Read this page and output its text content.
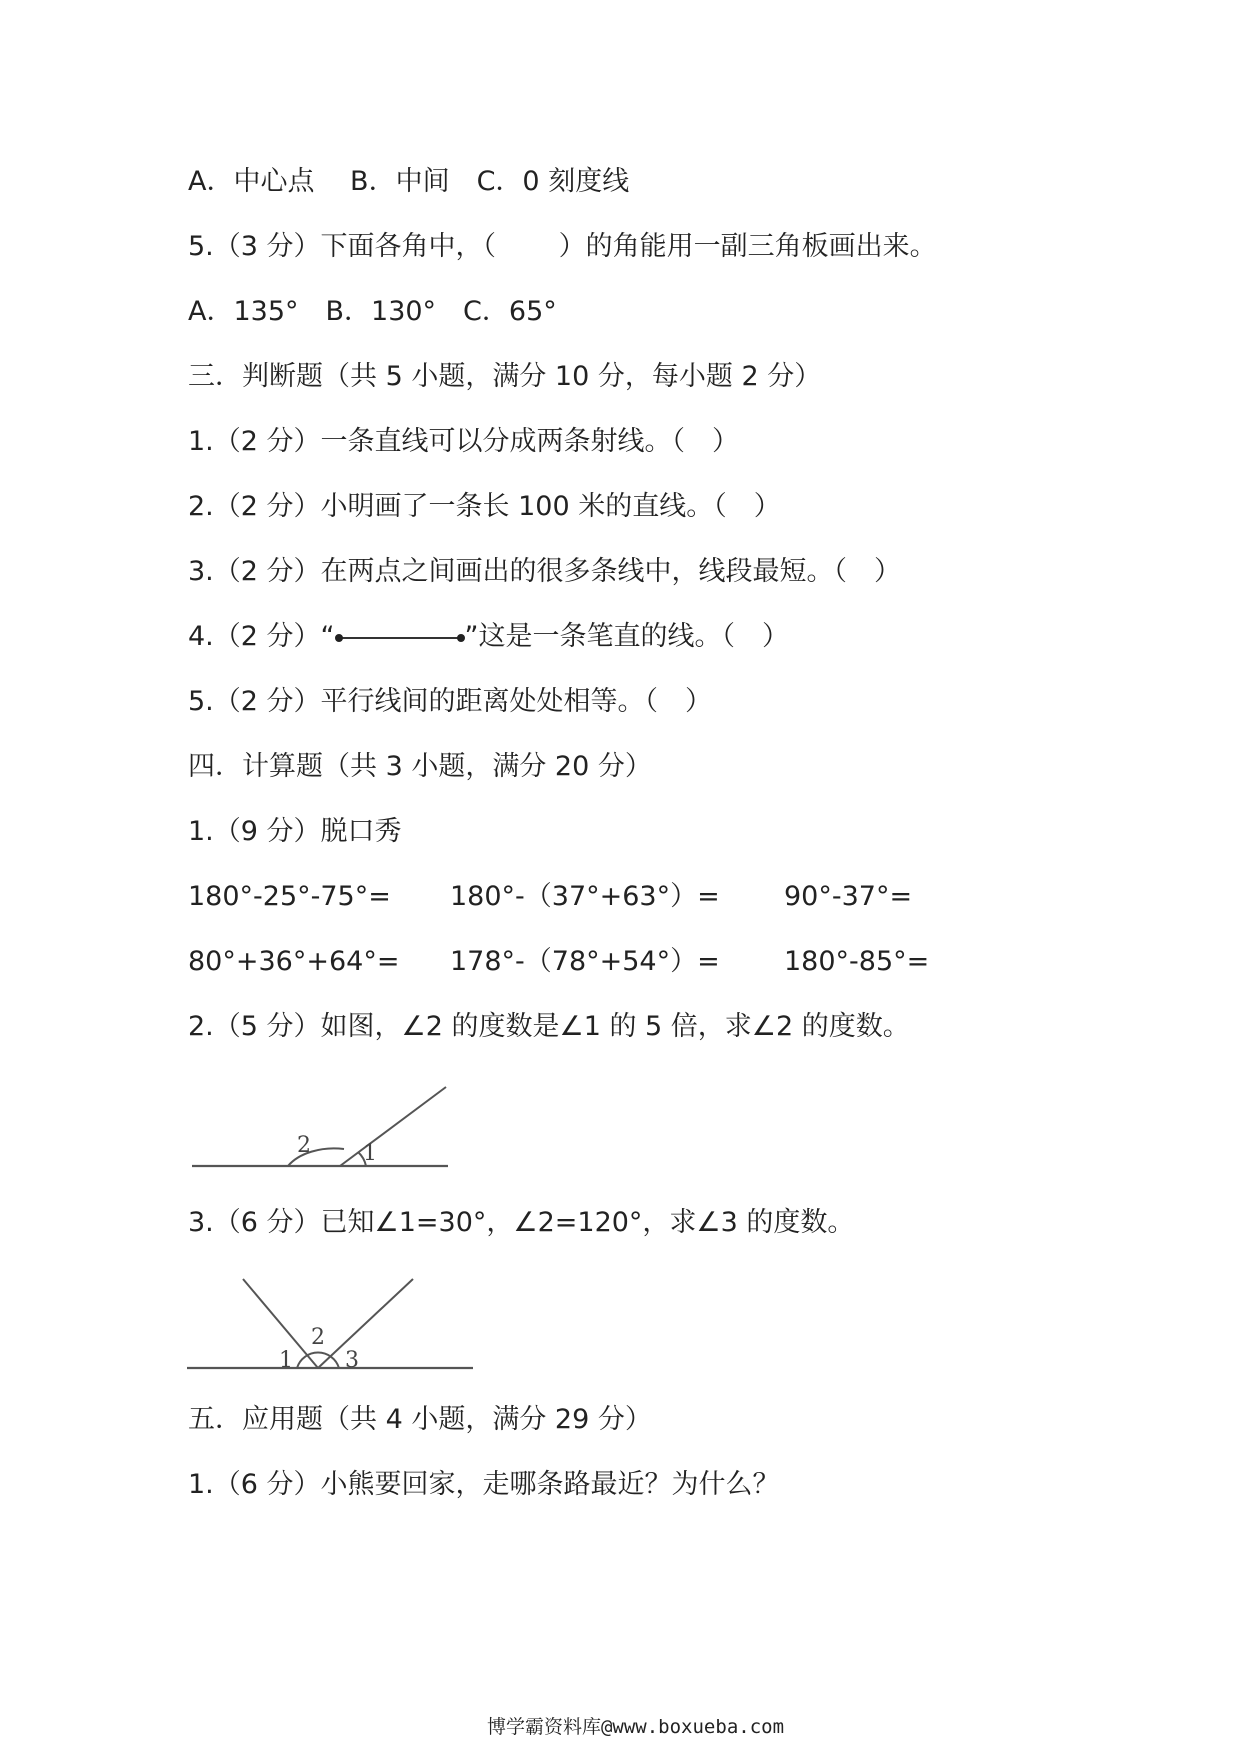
A．中心点　 B．中间　C．0 刻度线
5.（3 分）下面各角中，（　　 ）的角能用一副三角板画出来。
A．135°　B．130°　C．65°
三．判断题（共 5 小题，满分 10 分，每小题 2 分）
1.（2 分）一条直线可以分成两条射线。（　）
2.（2 分）小明画了一条长 100 米的直线。（　）
3.（2 分）在两点之间画出的很多条线中，线段最短。（　）
4.（2 分）“	”这是一条笔直的线。（　）
5.（2 分）平行线间的距离处处相等。（　）
四．计算题（共 3 小题，满分 20 分）
1.（9 分）脱口秀
180°-25°-75°= 180°-（37°+63°）= 90°-37°=
80°+36°+64°= 178°-（78°+54°）= 180°-85°=
2.（5 分）如图，∠2 的度数是∠1 的 5 倍，求∠2 的度数。
2 1
3.（6 分）已知∠1=30°，∠2=120°，求∠3 的度数。
1
2
3
五．应用题（共 4 小题，满分 29 分）
1.（6 分）小熊要回家，走哪条路最近？为什么？
博学霸资料库@www.boxueba.com
